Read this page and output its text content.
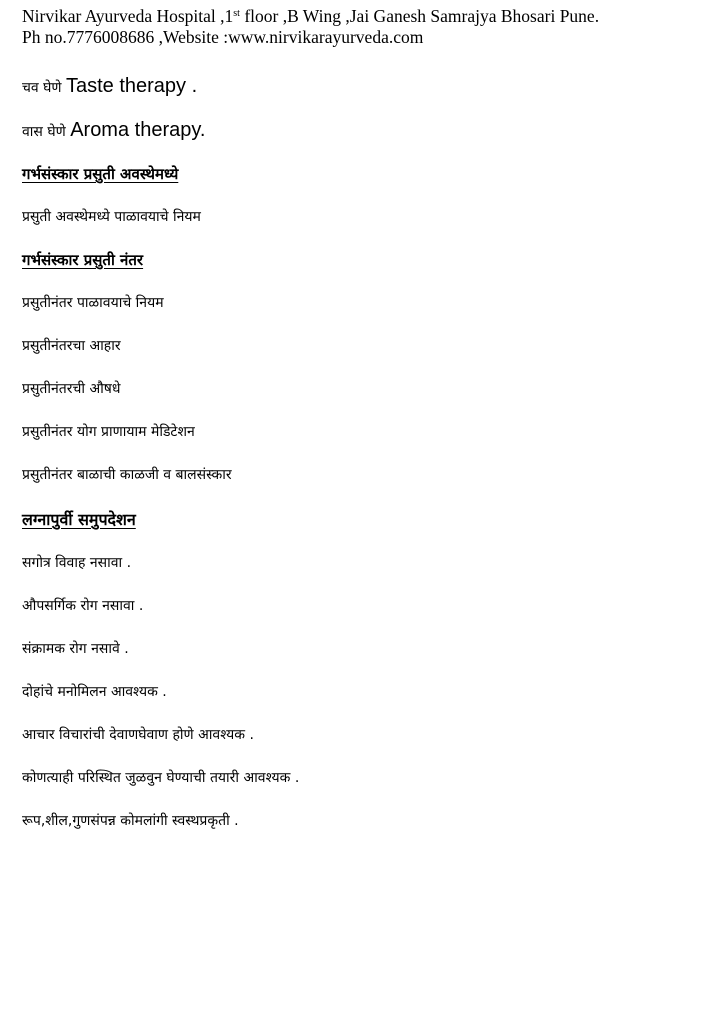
Nirvikar Ayurveda Hospital ,1st floor ,B Wing ,Jai Ganesh Samrajya Bhosari Pune.
Ph no.7776008686 ,Website :www.nirvikarayurveda.com
चव घेणे Taste therapy .
वास घेणे Aroma therapy.
गर्भसंस्कार प्रसुती अवस्थेमध्ये
प्रसुती अवस्थेमध्ये पाळावयाचे नियम
गर्भसंस्कार प्रसुती नंतर
प्रसुतीनंतर पाळावयाचे नियम
प्रसुतीनंतरचा आहार
प्रसुतीनंतरची औषधे
प्रसुतीनंतर योग प्राणायाम मेडिटेशन
प्रसुतीनंतर बाळाची काळजी व बालसंस्कार
लग्नापुर्वी समुपदेशन
सगोत्र विवाह नसावा .
औपसर्गिक रोग नसावा .
संक्रामक रोग नसावे .
दोहांचे मनोमिलन आवश्यक .
आचार विचारांची देवाणघेवाण होणे आवश्यक .
कोणत्याही परिस्थित जुळवुन घेण्याची तयारी आवश्यक .
रूप,शील,गुणसंपन्न कोमलांगी स्वस्थप्रकृती .
